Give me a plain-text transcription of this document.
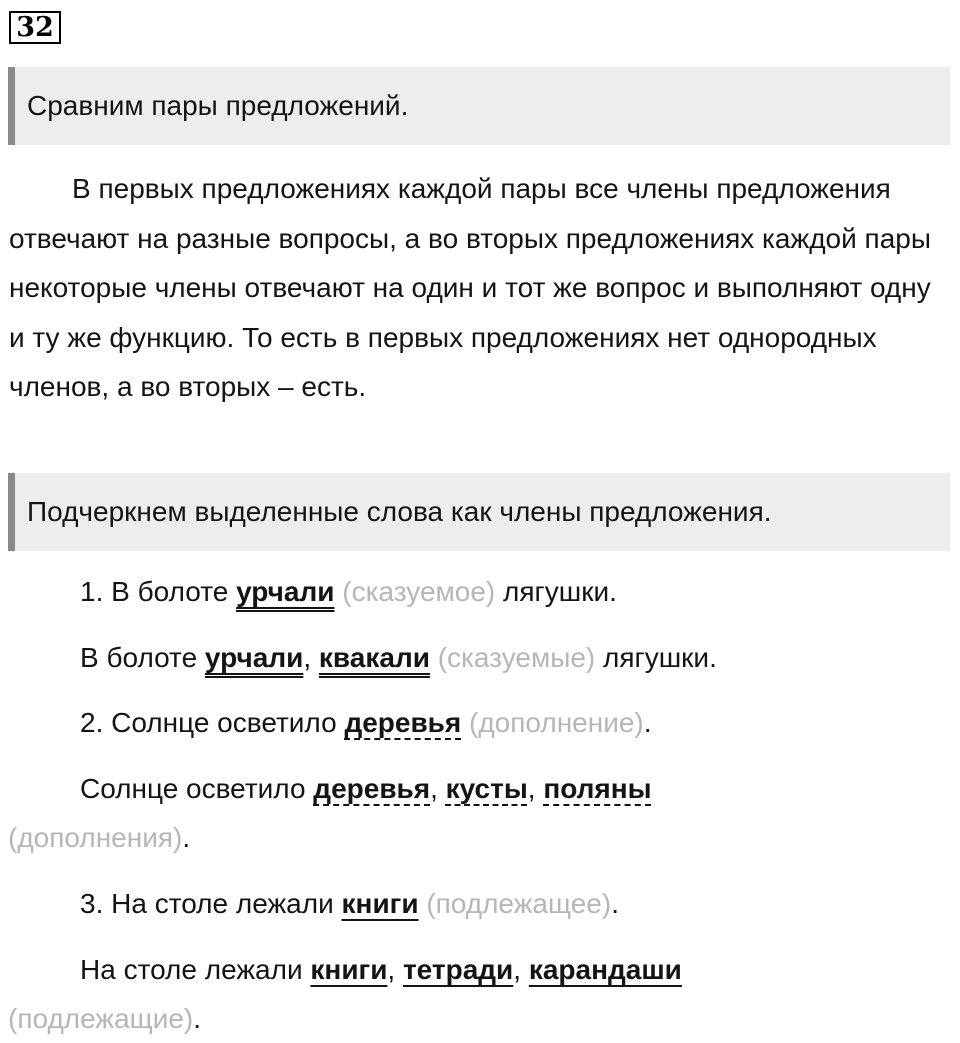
32
Сравним пары предложений.

В первых предложениях каждой пары все члены предложения отвечают на разные вопросы, а во вторых предложениях каждой пары некоторые члены отвечают на один и тот же вопрос и выполняют одну и ту же функцию. То есть в первых предложениях нет однородных членов, а во вторых – есть.

Подчеркнем выделенные слова как члены предложения.

1. В болоте урчали (сказуемое) лягушки.

В болоте урчали, квакали (сказуемые) лягушки.

2. Солнце осветило деревья (дополнение).

Солнце осветило деревья, кусты, поляны

(дополнения).

3. На столе лежали книги (подлежащее).

На столе лежали книги, тетради, карандаши

(подлежащие).
